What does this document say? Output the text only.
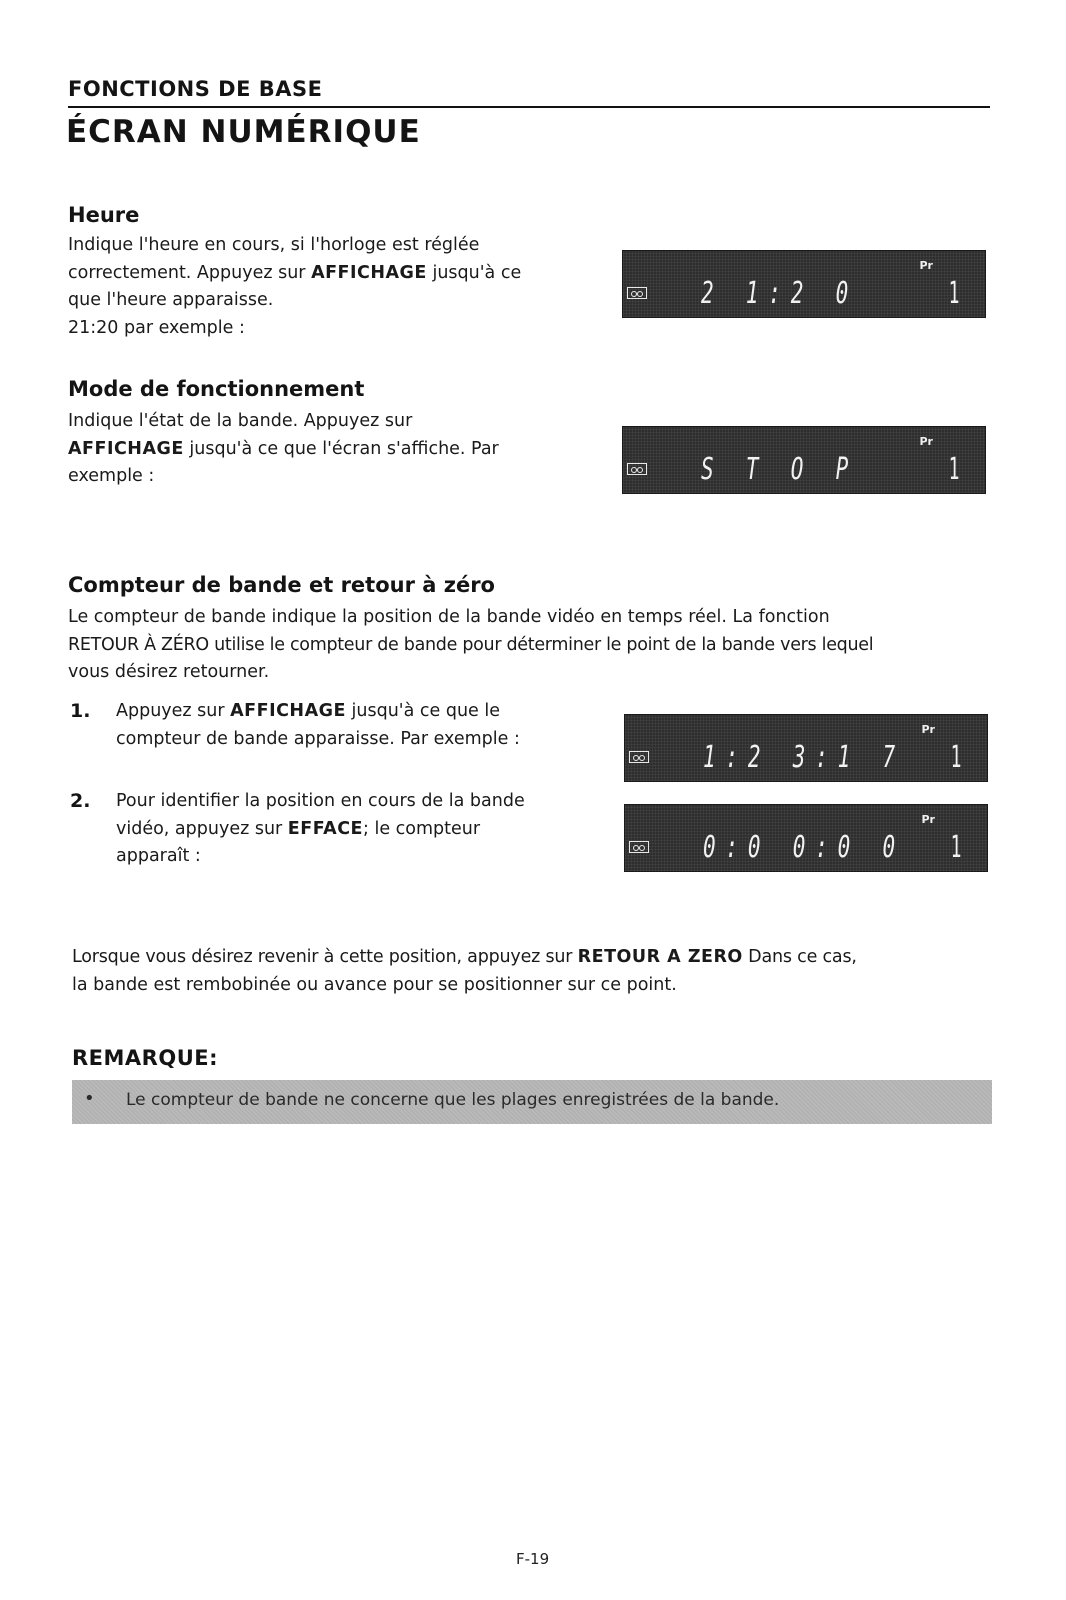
FONCTIONS DE BASE
ÉCRAN NUMÉRIQUE
Heure
Indique l'heure en cours, si l'horloge est réglée
correctement. Appuyez sur AFFICHAGE jusqu'à ce
que l'heure apparaisse.
21:20 par exemple :
Pr
2 1:2 0	1
Mode de fonctionnement
Indique l'état de la bande. Appuyez sur
AFFICHAGE jusqu'à ce que l'écran s'affiche. Par
exemple :
Pr
S T O P	1
Compteur de bande et retour à zéro
Le compteur de bande indique la position de la bande vidéo en temps réel. La fonction
RETOUR À ZÉRO utilise le compteur de bande pour déterminer le point de la bande vers lequel
vous désirez retourner.
1. Appuyez sur AFFICHAGE jusqu'à ce que le
compteur de bande apparaisse. Par exemple :	Pr
1:2 3:1 7 1
2. Pour identifier la position en cours de la bande
vidéo, appuyez sur EFFACE; le compteur
apparaît :
Pr
0:0 0:0 0 1
Lorsque vous désirez revenir à cette position, appuyez sur RETOUR A ZERO Dans ce cas,
la bande est rembobinée ou avance pour se positionner sur ce point.
REMARQUE:
• Le compteur de bande ne concerne que les plages enregistrées de la bande.
F-19
